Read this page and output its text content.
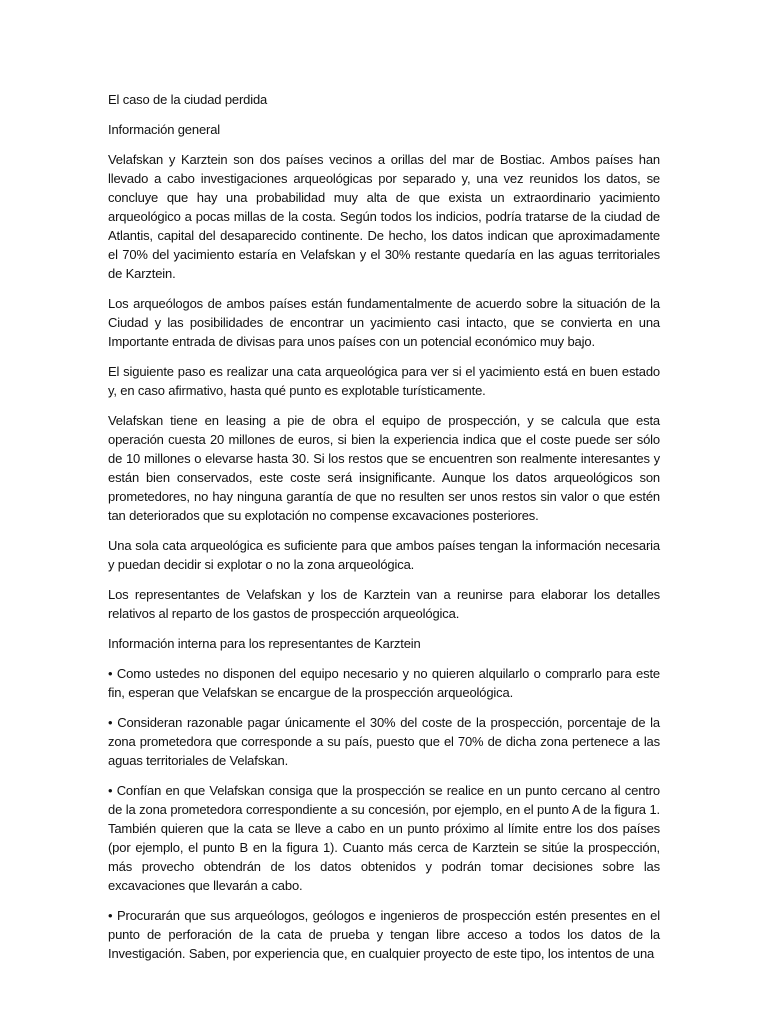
El caso de la ciudad perdida

Información general

Velafskan y Karztein son dos países vecinos a orillas del mar de Bostiac. Ambos países han llevado a cabo investigaciones arqueológicas por separado y, una vez reunidos los datos, se concluye que hay una probabilidad muy alta de que exista un extraordinario yacimiento arqueológico a pocas millas de la costa. Según todos los indicios, podría tratarse de la ciudad de Atlantis, capital del desaparecido continente. De hecho, los datos indican que aproximadamente el 70% del yacimiento estaría en Velafskan y el 30% restante quedaría en las aguas territoriales de Karztein.

Los arqueólogos de ambos países están fundamentalmente de acuerdo sobre la situación de la Ciudad y las posibilidades de encontrar un yacimiento casi intacto, que se convierta en una Importante entrada de divisas para unos países con un potencial económico muy bajo.

El siguiente paso es realizar una cata arqueológica para ver si el yacimiento está en buen estado y, en caso afirmativo, hasta qué punto es explotable turísticamente.

Velafskan tiene en leasing a pie de obra el equipo de prospección, y se calcula que esta operación cuesta 20 millones de euros, si bien la experiencia indica que el coste puede ser sólo de 10 millones o elevarse hasta 30. Si los restos que se encuentren son realmente interesantes y están bien conservados, este coste será insignificante. Aunque los datos arqueológicos son prometedores, no hay ninguna garantía de que no resulten ser unos restos sin valor o que estén tan deteriorados que su explotación no compense excavaciones posteriores.

Una sola cata arqueológica es suficiente para que ambos países tengan la información necesaria y puedan decidir si explotar o no la zona arqueológica.

Los representantes de Velafskan y los de Karztein van a reunirse para elaborar los detalles relativos al reparto de los gastos de prospección arqueológica.

Información interna para los representantes de Karztein

• Como ustedes no disponen del equipo necesario y no quieren alquilarlo o comprarlo para este fin, esperan que Velafskan se encargue de la prospección arqueológica.

• Consideran razonable pagar únicamente el 30% del coste de la prospección, porcentaje de la zona prometedora que corresponde a su país, puesto que el 70% de dicha zona pertenece a las aguas territoriales de Velafskan.

• Confían en que Velafskan consiga que la prospección se realice en un punto cercano al centro de la zona prometedora correspondiente a su concesión, por ejemplo, en el punto A de la figura 1. También quieren que la cata se lleve a cabo en un punto próximo al límite entre los dos países (por ejemplo, el punto B en la figura 1). Cuanto más cerca de Karztein se sitúe la prospección, más provecho obtendrán de los datos obtenidos y podrán tomar decisiones sobre las excavaciones que llevarán a cabo.

• Procurarán que sus arqueólogos, geólogos e ingenieros de prospección estén presentes en el punto de perforación de la cata de prueba y tengan libre acceso a todos los datos de la Investigación. Saben, por experiencia que, en cualquier proyecto de este tipo, los intentos de una
